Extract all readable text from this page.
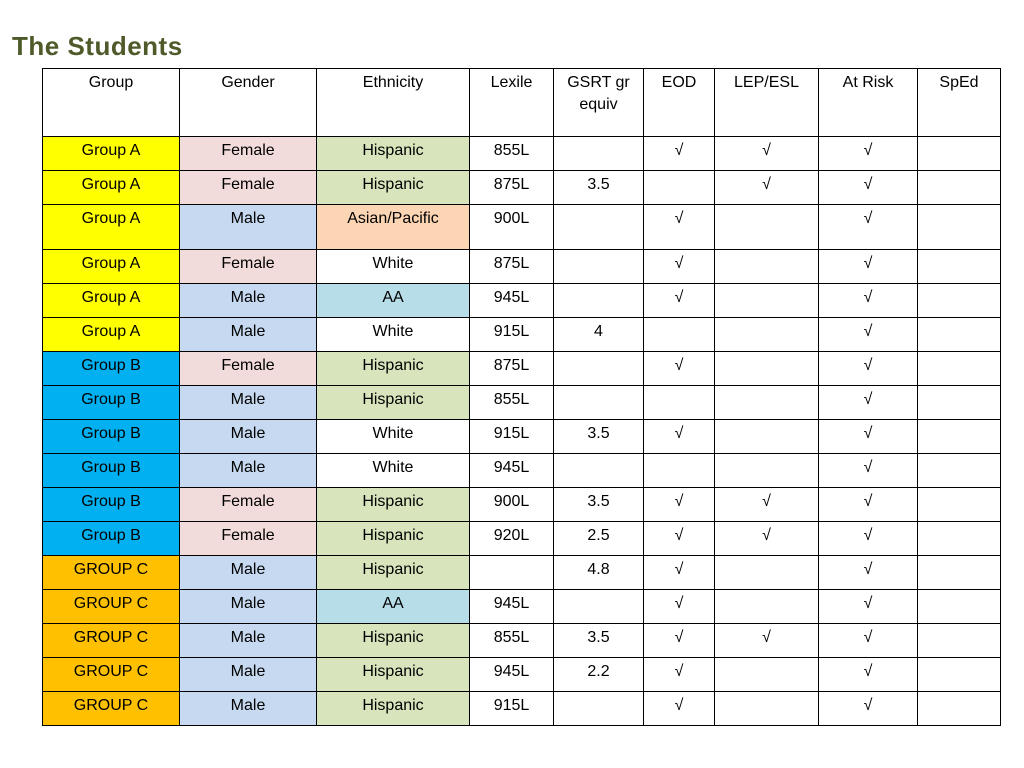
The Students
Group	Gender	Ethnicity	Lexile	GSRT gr equiv	EOD	LEP/ESL	At Risk	SpEd
Group A	Female	Hispanic	855L		√	√	√	
Group A	Female	Hispanic	875L	3.5		√	√	
Group A	Male	Asian/Pacific	900L		√		√	
Group A	Female	White	875L		√		√	
Group A	Male	AA	945L		√		√	
Group A	Male	White	915L	4			√	
Group B	Female	Hispanic	875L		√		√	
Group B	Male	Hispanic	855L				√	
Group B	Male	White	915L	3.5	√		√	
Group B	Male	White	945L				√	
Group B	Female	Hispanic	900L	3.5	√	√	√	
Group B	Female	Hispanic	920L	2.5	√	√	√	
GROUP C	Male	Hispanic		4.8	√		√	
GROUP C	Male	AA	945L		√		√	
GROUP C	Male	Hispanic	855L	3.5	√	√	√	
GROUP C	Male	Hispanic	945L	2.2	√		√	
GROUP C	Male	Hispanic	915L		√		√	
